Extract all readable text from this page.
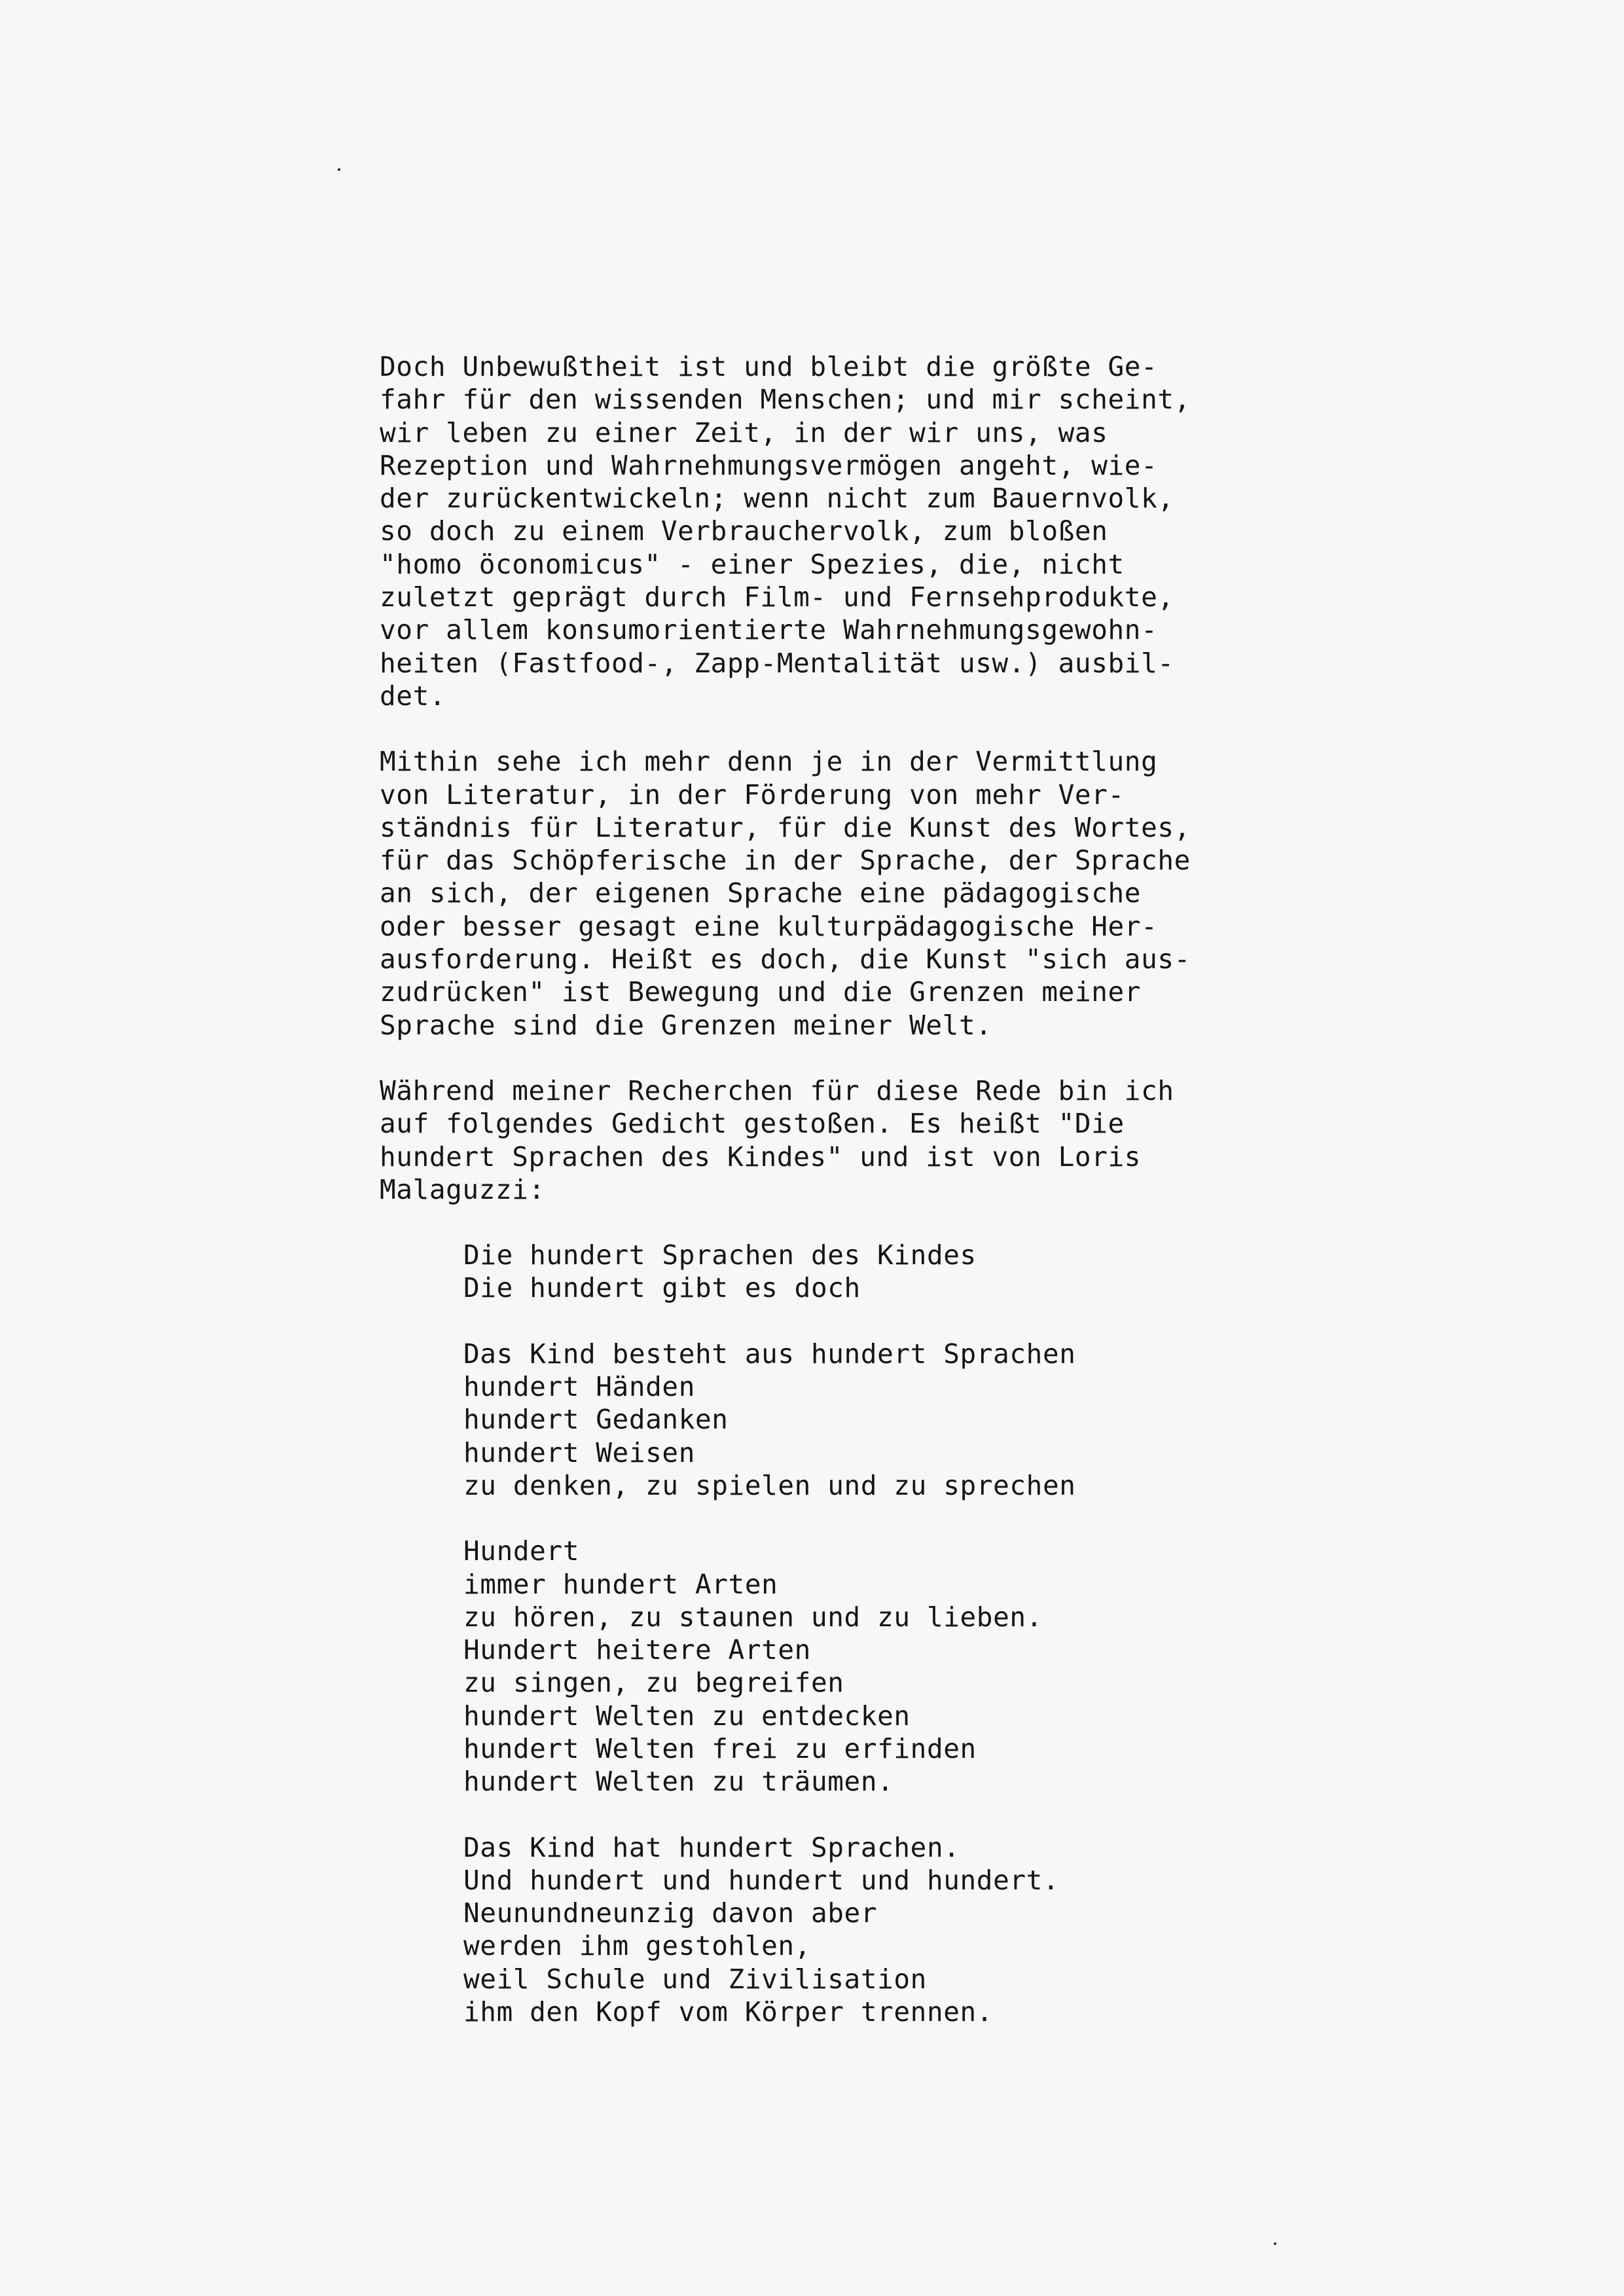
Doch Unbewußtheit ist und bleibt die größte Ge-
fahr für den wissenden Menschen; und mir scheint,
wir leben zu einer Zeit, in der wir uns, was
Rezeption und Wahrnehmungsvermögen angeht, wie-
der zurückentwickeln; wenn nicht zum Bauernvolk,
so doch zu einem Verbrauchervolk, zum bloßen
"homo öconomicus" - einer Spezies, die, nicht
zuletzt geprägt durch Film- und Fernsehprodukte,
vor allem konsumorientierte Wahrnehmungsgewohn-
heiten (Fastfood-, Zapp-Mentalität usw.) ausbil-
det.
Mithin sehe ich mehr denn je in der Vermittlung
von Literatur, in der Förderung von mehr Ver-
ständnis für Literatur, für die Kunst des Wortes,
für das Schöpferische in der Sprache, der Sprache
an sich, der eigenen Sprache eine pädagogische
oder besser gesagt eine kulturpädagogische Her-
ausforderung. Heißt es doch, die Kunst "sich aus-
zudrücken" ist Bewegung und die Grenzen meiner
Sprache sind die Grenzen meiner Welt.
Während meiner Recherchen für diese Rede bin ich
auf folgendes Gedicht gestoßen. Es heißt "Die
hundert Sprachen des Kindes" und ist von Loris
Malaguzzi:
Die hundert Sprachen des Kindes
Die hundert gibt es doch
Das Kind besteht aus hundert Sprachen
hundert Händen
hundert Gedanken
hundert Weisen
zu denken, zu spielen und zu sprechen
Hundert
immer hundert Arten
zu hören, zu staunen und zu lieben.
Hundert heitere Arten
zu singen, zu begreifen
hundert Welten zu entdecken
hundert Welten frei zu erfinden
hundert Welten zu träumen.
Das Kind hat hundert Sprachen.
Und hundert und hundert und hundert.
Neunundneunzig davon aber
werden ihm gestohlen,
weil Schule und Zivilisation
ihm den Kopf vom Körper trennen.
